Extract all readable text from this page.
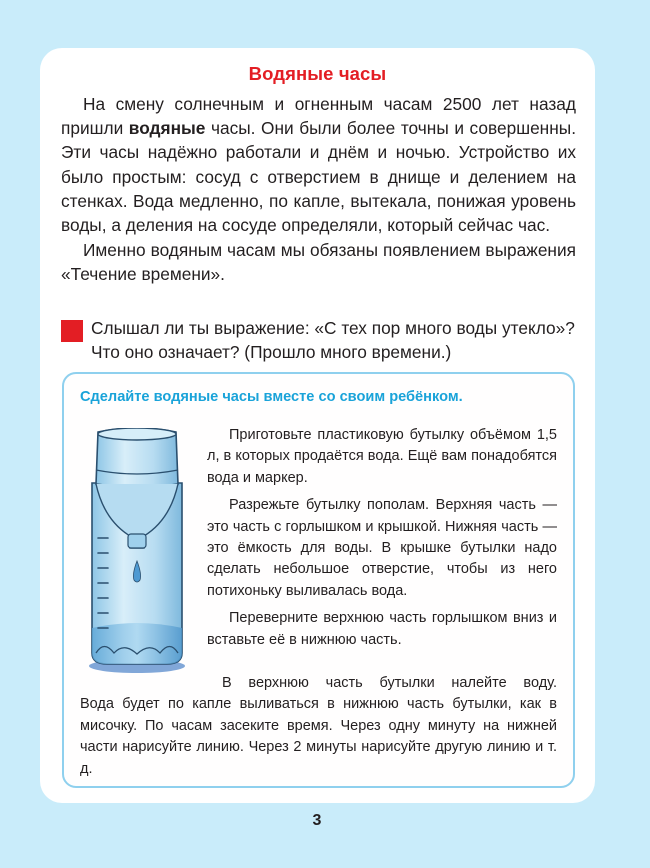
Водяные часы

На смену солнечным и огненным часам 2500 лет назад пришли водяные часы. Они были более точны и совершенны. Эти часы надёжно работали и днём и ночью. Устройство их было простым: сосуд с отверстием в днище и делением на стенках. Вода медленно, по капле, вытекала, понижая уровень воды, а деления на сосуде определяли, который сейчас час.

Именно водяным часам мы обязаны появлением выражения «Течение времени».

Слышал ли ты выражение: «С тех пор много воды утекло»?
Что оно означает? (Прошло много времени.)
Сделайте водяные часы вместе со своим ребёнком.

Приготовьте пластиковую бутылку объёмом 1,5 л, в которых продаётся вода. Ещё вам понадобятся вода и маркер.

Разрежьте бутылку пополам. Верхняя часть — это часть с горлышком и крышкой. Нижняя часть — это ёмкость для воды. В крышке бутылки надо сделать небольшое отверстие, чтобы из него потихоньку выливалась вода.

Переверните верхнюю часть горлышком вниз и вставьте её в нижнюю часть.

В верхнюю часть бутылки налейте воду.
Вода будет по капле выливаться в нижнюю часть бутылки, как в мисочку. По часам засеките время. Через одну минуту на нижней части нарисуйте линию. Через 2 минуты нарисуйте другую линию и т. д.
3
